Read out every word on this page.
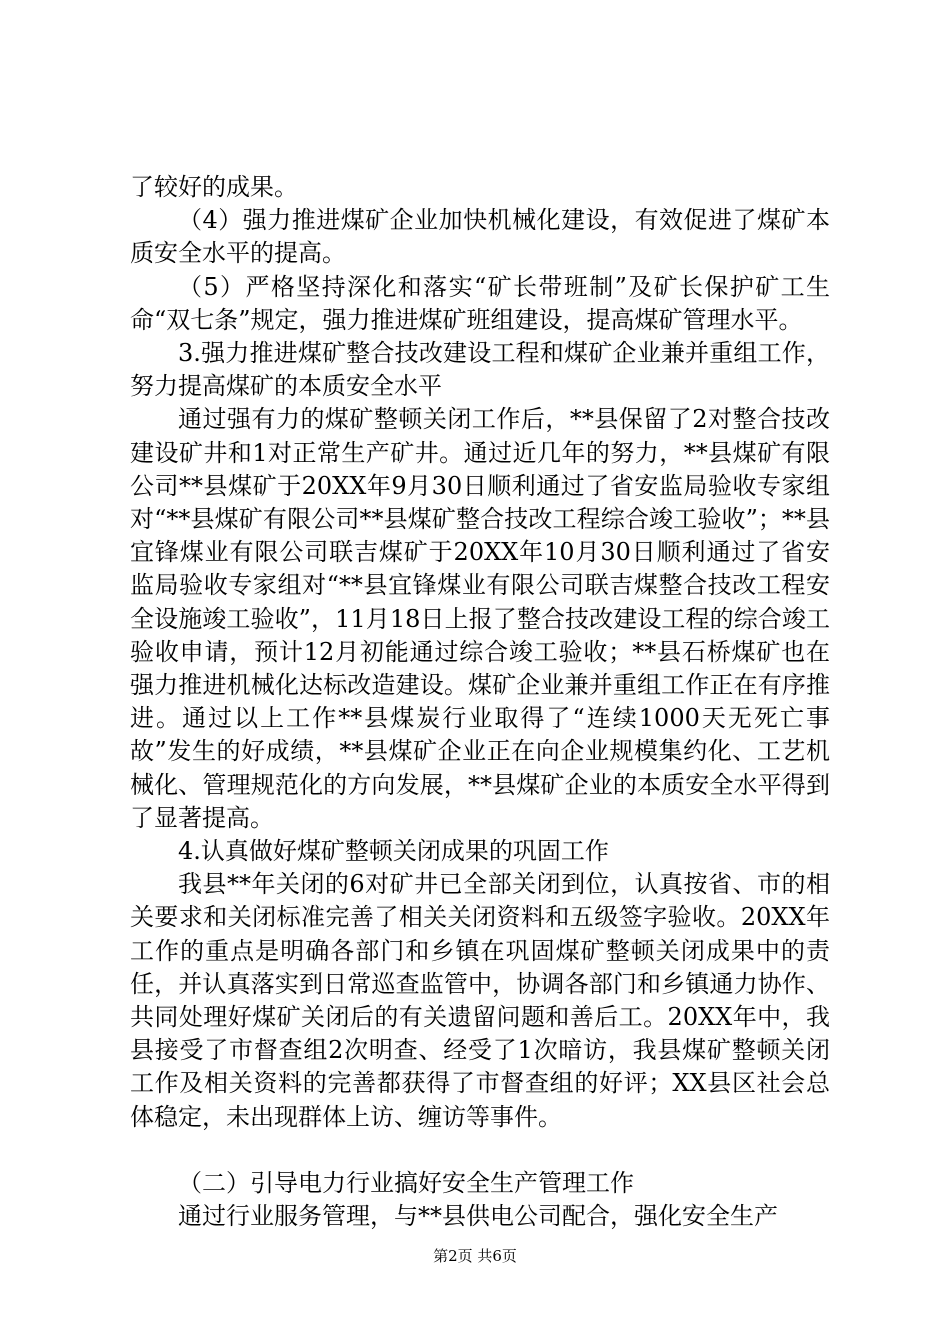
了较好的成果。

（4）强力推进煤矿企业加快机械化建设，有效促进了煤矿本质安全水平的提高。

（5）严格坚持深化和落实“矿长带班制”及矿长保护矿工生命“双七条”规定，强力推进煤矿班组建设，提高煤矿管理水平。

3.强力推进煤矿整合技改建设工程和煤矿企业兼并重组工作，努力提高煤矿的本质安全水平

通过强有力的煤矿整顿关闭工作后，**县保留了2对整合技改建设矿井和1对正常生产矿井。通过近几年的努力，**县煤矿有限公司**县煤矿于20XX年9月30日顺利通过了省安监局验收专家组对“**县煤矿有限公司**县煤矿整合技改工程综合竣工验收”；**县宜锋煤业有限公司联吉煤矿于20XX年10月30日顺利通过了省安监局验收专家组对“**县宜锋煤业有限公司联吉煤整合技改工程安全设施竣工验收”，11月18日上报了整合技改建设工程的综合竣工验收申请，预计12月初能通过综合竣工验收；**县石桥煤矿也在强力推进机械化达标改造建设。煤矿企业兼并重组工作正在有序推进。通过以上工作**县煤炭行业取得了“连续1000天无死亡事故”发生的好成绩，**县煤矿企业正在向企业规模集约化、工艺机械化、管理规范化的方向发展，**县煤矿企业的本质安全水平得到了显著提高。

4.认真做好煤矿整顿关闭成果的巩固工作

我县**年关闭的6对矿井已全部关闭到位，认真按省、市的相关要求和关闭标准完善了相关关闭资料和五级签字验收。20XX年工作的重点是明确各部门和乡镇在巩固煤矿整顿关闭成果中的责任，并认真落实到日常巡查监管中，协调各部门和乡镇通力协作、共同处理好煤矿关闭后的有关遗留问题和善后工。20XX年中，我县接受了市督查组2次明查、经受了1次暗访，我县煤矿整顿关闭工作及相关资料的完善都获得了市督查组的好评；XX县区社会总体稳定，未出现群体上访、缠访等事件。

（二）引导电力行业搞好安全生产管理工作

通过行业服务管理，与**县供电公司配合，强化安全生产

第2页 共6页
